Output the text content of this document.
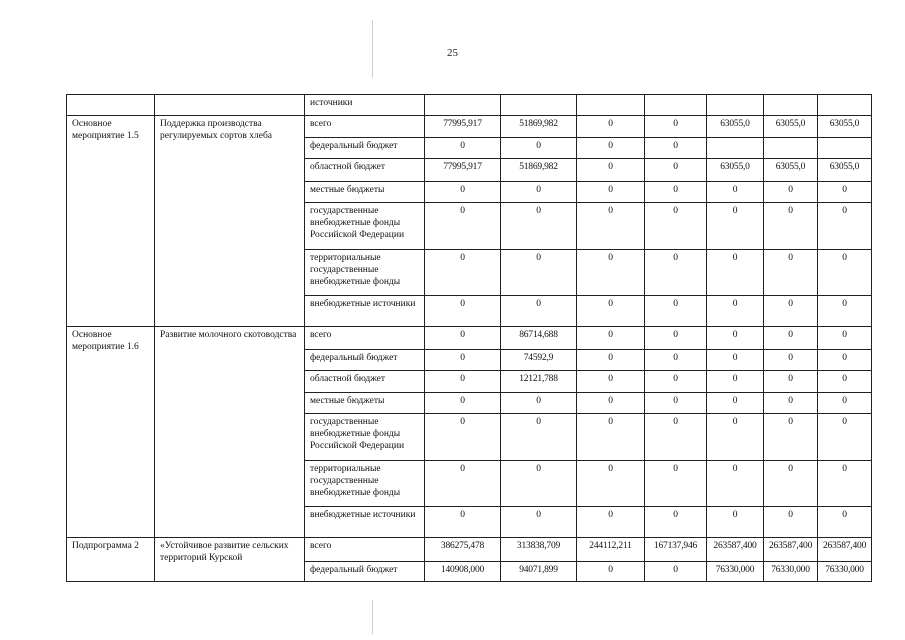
25
		источники							
Основное мероприятие 1.5	Поддержка производства регулируемых сортов хлеба	всего	77995,917	51869,982	0	0	63055,0	63055,0	63055,0
		федеральный бюджет	0	0	0	0			
		областной бюджет	77995,917	51869,982	0	0	63055,0	63055,0	63055,0
		местные бюджеты	0	0	0	0	0	0	0
		государственные внебюджетные фонды Российской Федерации	0	0	0	0	0	0	0
		территориальные государственные внебюджетные фонды	0	0	0	0	0	0	0
		внебюджетные источники	0	0	0	0	0	0	0
Основное мероприятие 1.6	Развитие молочного скотоводства	всего	0	86714,688	0	0	0	0	0
		федеральный бюджет	0	74592,9	0	0	0	0	0
		областной бюджет	0	12121,788	0	0	0	0	0
		местные бюджеты	0	0	0	0	0	0	0
		государственные внебюджетные фонды Российской Федерации	0	0	0	0	0	0	0
		территориальные государственные внебюджетные фонды	0	0	0	0	0	0	0
		внебюджетные источники	0	0	0	0	0	0	0
Подпрограмма 2	«Устойчивое развитие сельских территорий Курской	всего	386275,478	313838,709	244112,211	167137,946	263587,400	263587,400	263587,400
		федеральный бюджет	140908,000	94071,899	0	0	76330,000	76330,000	76330,000
